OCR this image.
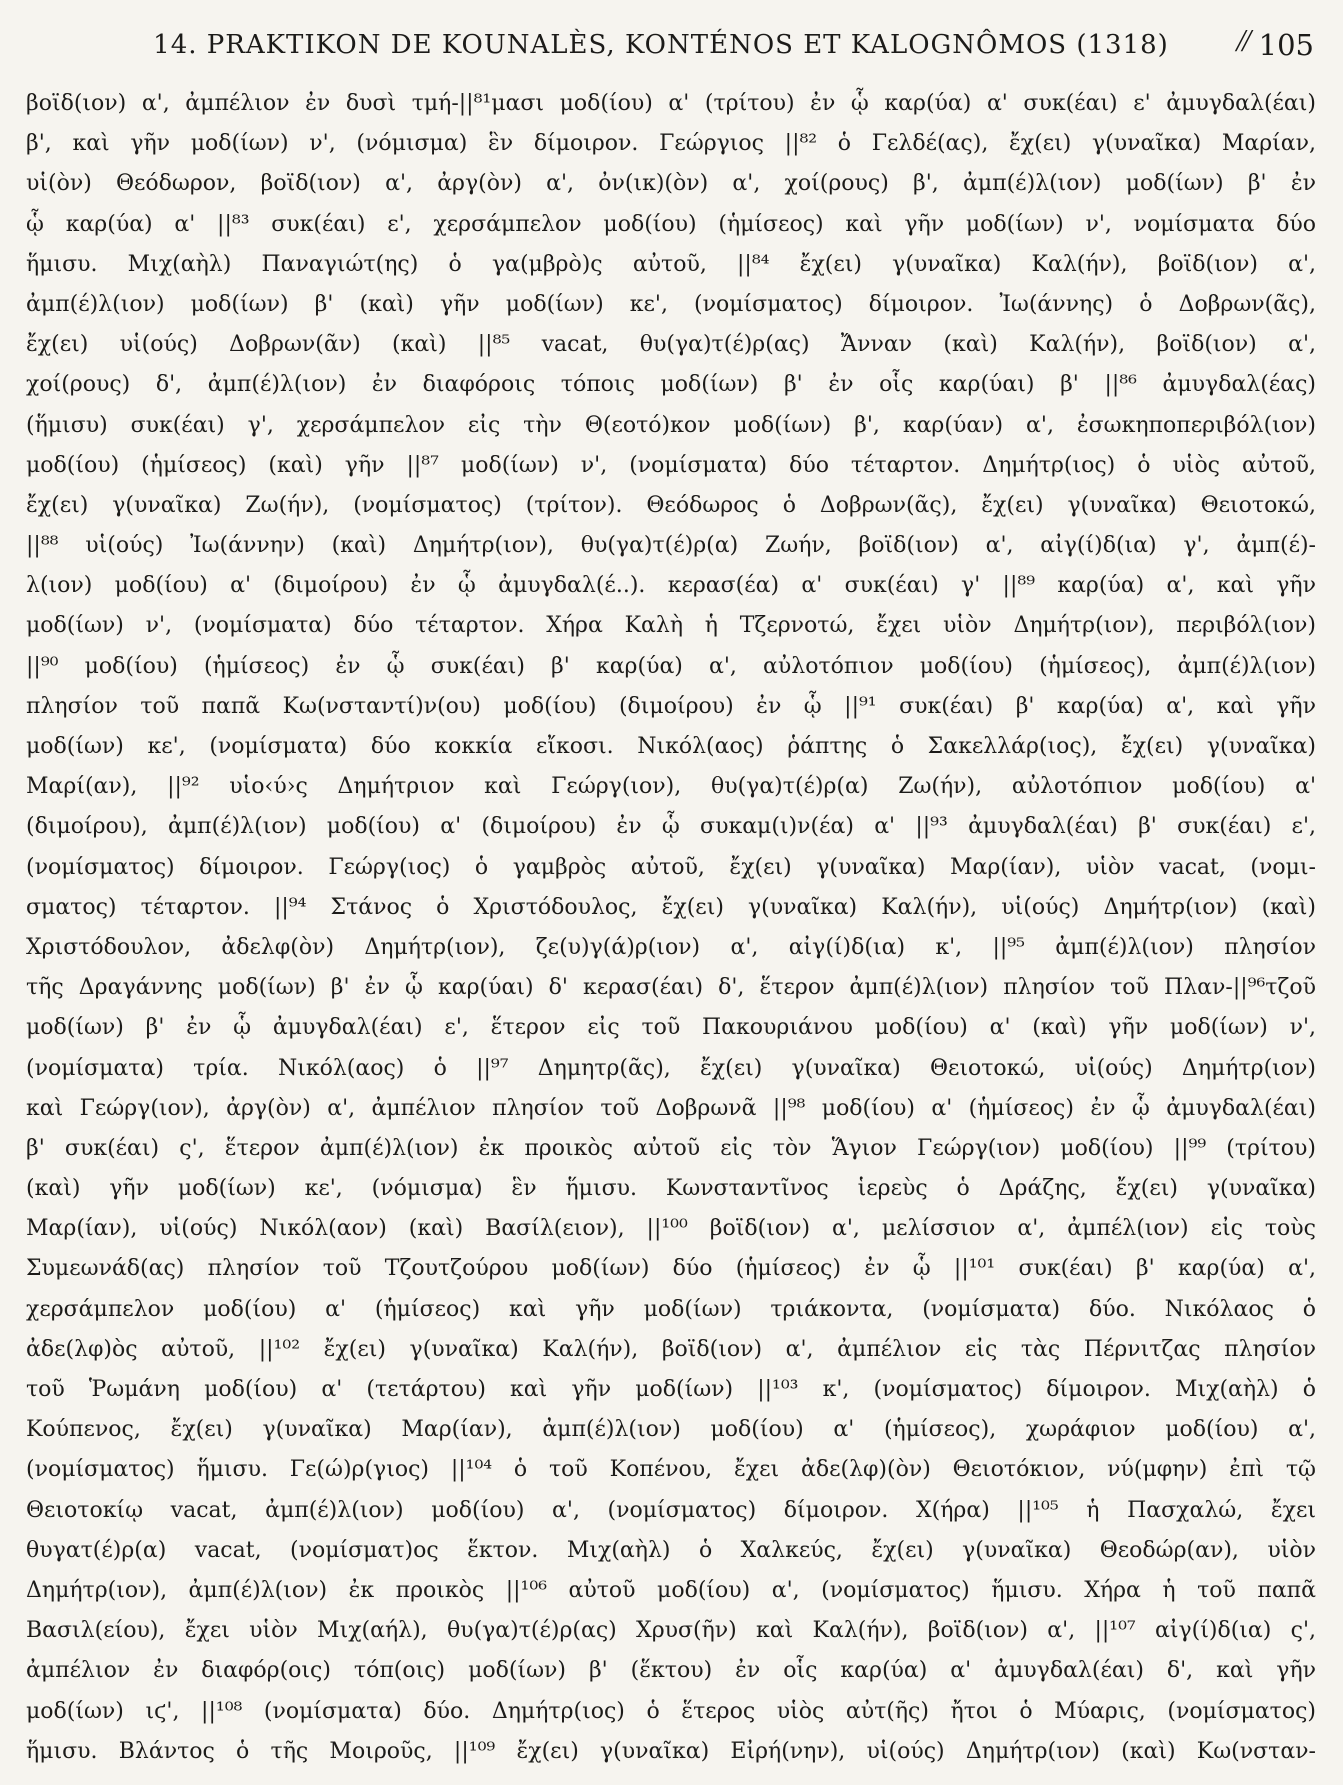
14. PRAKTIKON DE KOUNALÈS, KONTÉNOS ET KALOGNÔMOS (1318)	// 105
βοϊδ(ιον) α', ἀμπέλιον ἐν δυσὶ τμή-||⁸¹μασι μοδ(ίου) α' (τρίτου) ἐν ᾧ καρ(ύα) α' συκ(έαι) ε' ἀμυγδαλ(έαι)
β', καὶ γῆν μοδ(ίων) ν', (νόμισμα) ἓν δίμοιρον. Γεώργιος ||⁸² ὁ Γελδέ(ας), ἔχ(ει) γ(υναῖκα) Μαρίαν,
υἱ(ὸν) Θεόδωρον, βοϊδ(ιον) α', ἀργ(ὸν) α', ὀν(ικ)(ὸν) α', χοί(ρους) β', ἀμπ(έ)λ(ιον) μοδ(ίων) β' ἐν
ᾧ καρ(ύα) α' ||⁸³ συκ(έαι) ε', χερσάμπελον μοδ(ίου) (ἡμίσεος) καὶ γῆν μοδ(ίων) ν', νομίσματα δύο
ἥμισυ. Μιχ(αὴλ) Παναγιώτ(ης) ὁ γα(μβρὸ)ς αὐτοῦ, ||⁸⁴ ἔχ(ει) γ(υναῖκα) Καλ(ήν), βοϊδ(ιον) α',
ἀμπ(έ)λ(ιον) μοδ(ίων) β' (καὶ) γῆν μοδ(ίων) κε', (νομίσματος) δίμοιρον. Ἰω(άννης) ὁ Δοβρων(ᾶς),
ἔχ(ει) υἱ(ούς) Δοβρων(ᾶν) (καὶ) ||⁸⁵ vacat, θυ(γα)τ(έ)ρ(ας) Ἄνναν (καὶ) Καλ(ήν), βοϊδ(ιον) α',
χοί(ρους) δ', ἀμπ(έ)λ(ιον) ἐν διαφόροις τόποις μοδ(ίων) β' ἐν οἷς καρ(ύαι) β' ||⁸⁶ ἀμυγδαλ(έας)
(ἥμισυ) συκ(έαι) γ', χερσάμπελον εἰς τὴν Θ(εοτό)κον μοδ(ίων) β', καρ(ύαν) α', ἐσωκηποπεριβόλ(ιον)
μοδ(ίου) (ἡμίσεος) (καὶ) γῆν ||⁸⁷ μοδ(ίων) ν', (νομίσματα) δύο τέταρτον. Δημήτρ(ιος) ὁ υἱὸς αὐτοῦ,
ἔχ(ει) γ(υναῖκα) Ζω(ήν), (νομίσματος) (τρίτον). Θεόδωρος ὁ Δοβρων(ᾶς), ἔχ(ει) γ(υναῖκα) Θειοτοκώ,
||⁸⁸ υἱ(ούς) Ἰω(άννην) (καὶ) Δημήτρ(ιον), θυ(γα)τ(έ)ρ(α) Ζωήν, βοϊδ(ιον) α', αἰγ(ί)δ(ια) γ', ἀμπ(έ)-
λ(ιον) μοδ(ίου) α' (διμοίρου) ἐν ᾧ ἀμυγδαλ(έ..). κερασ(έα) α' συκ(έαι) γ' ||⁸⁹ καρ(ύα) α', καὶ γῆν
μοδ(ίων) ν', (νομίσματα) δύο τέταρτον. Χήρα Καλὴ ἡ Τζερνοτώ, ἔχει υἱὸν Δημήτρ(ιον), περιβόλ(ιον)
||⁹⁰ μοδ(ίου) (ἡμίσεος) ἐν ᾧ συκ(έαι) β' καρ(ύα) α', αὐλοτόπιον μοδ(ίου) (ἡμίσεος), ἀμπ(έ)λ(ιον)
πλησίον τοῦ παπᾶ Κω(νσταντί)ν(ου) μοδ(ίου) (διμοίρου) ἐν ᾧ ||⁹¹ συκ(έαι) β' καρ(ύα) α', καὶ γῆν
μοδ(ίων) κε', (νομίσματα) δύο κοκκία εἴκοσι. Νικόλ(αος) ῥάπτης ὁ Σακελλάρ(ιος), ἔχ(ει) γ(υναῖκα)
Μαρί(αν), ||⁹² υἱο‹ύ›ς Δημήτριον καὶ Γεώργ(ιον), θυ(γα)τ(έ)ρ(α) Ζω(ήν), αὐλοτόπιον μοδ(ίου) α'
(διμοίρου), ἀμπ(έ)λ(ιον) μοδ(ίου) α' (διμοίρου) ἐν ᾧ συκαμ(ι)ν(έα) α' ||⁹³ ἀμυγδαλ(έαι) β' συκ(έαι) ε',
(νομίσματος) δίμοιρον. Γεώργ(ιος) ὁ γαμβρὸς αὐτοῦ, ἔχ(ει) γ(υναῖκα) Μαρ(ίαν), υἱὸν vacat, (νομι-
σματος) τέταρτον. ||⁹⁴ Στάνος ὁ Χριστόδουλος, ἔχ(ει) γ(υναῖκα) Καλ(ήν), υἱ(ούς) Δημήτρ(ιον) (καὶ)
Χριστόδουλον, ἀδελφ(ὸν) Δημήτρ(ιον), ζε(υ)γ(ά)ρ(ιον) α', αἰγ(ί)δ(ια) κ', ||⁹⁵ ἀμπ(έ)λ(ιον) πλησίον
τῆς Δραγάννης μοδ(ίων) β' ἐν ᾧ καρ(ύαι) δ' κερασ(έαι) δ', ἕτερον ἀμπ(έ)λ(ιον) πλησίον τοῦ Πλαν-||⁹⁶τζοῦ
μοδ(ίων) β' ἐν ᾧ ἀμυγδαλ(έαι) ε', ἕτερον εἰς τοῦ Πακουριάνου μοδ(ίου) α' (καὶ) γῆν μοδ(ίων) ν',
(νομίσματα) τρία. Νικόλ(αος) ὁ ||⁹⁷ Δημητρ(ᾶς), ἔχ(ει) γ(υναῖκα) Θειοτοκώ, υἱ(ούς) Δημήτρ(ιον)
καὶ Γεώργ(ιον), ἀργ(ὸν) α', ἀμπέλιον πλησίον τοῦ Δοβρωνᾶ ||⁹⁸ μοδ(ίου) α' (ἡμίσεος) ἐν ᾧ ἀμυγδαλ(έαι)
β' συκ(έαι) ς', ἕτερον ἀμπ(έ)λ(ιον) ἐκ προικὸς αὐτοῦ εἰς τὸν Ἅγιον Γεώργ(ιον) μοδ(ίου) ||⁹⁹ (τρίτου)
(καὶ) γῆν μοδ(ίων) κε', (νόμισμα) ἓν ἥμισυ. Κωνσταντῖνος ἱερεὺς ὁ Δράζης, ἔχ(ει) γ(υναῖκα)
Μαρ(ίαν), υἱ(ούς) Νικόλ(αον) (καὶ) Βασίλ(ειον), ||¹⁰⁰ βοϊδ(ιον) α', μελίσσιον α', ἀμπέλ(ιον) εἰς τοὺς
Συμεωνάδ(ας) πλησίον τοῦ Τζουτζούρου μοδ(ίων) δύο (ἡμίσεος) ἐν ᾧ ||¹⁰¹ συκ(έαι) β' καρ(ύα) α',
χερσάμπελον μοδ(ίου) α' (ἡμίσεος) καὶ γῆν μοδ(ίων) τριάκοντα, (νομίσματα) δύο. Νικόλαος ὁ
ἀδε(λφ)ὸς αὐτοῦ, ||¹⁰² ἔχ(ει) γ(υναῖκα) Καλ(ήν), βοϊδ(ιον) α', ἀμπέλιον εἰς τὰς Πέρνιτζας πλησίον
τοῦ Ῥωμάνη μοδ(ίου) α' (τετάρτου) καὶ γῆν μοδ(ίων) ||¹⁰³ κ', (νομίσματος) δίμοιρον. Μιχ(αὴλ) ὁ
Κούπενος, ἔχ(ει) γ(υναῖκα) Μαρ(ίαν), ἀμπ(έ)λ(ιον) μοδ(ίου) α' (ἡμίσεος), χωράφιον μοδ(ίου) α',
(νομίσματος) ἥμισυ. Γε(ώ)ρ(γιος) ||¹⁰⁴ ὁ τοῦ Κοπένου, ἔχει ἀδε(λφ)(ὸν) Θειοτόκιον, νύ(μφην) ἐπὶ τῷ
Θειοτοκίῳ vacat, ἀμπ(έ)λ(ιον) μοδ(ίου) α', (νομίσματος) δίμοιρον. Χ(ήρα) ||¹⁰⁵ ἡ Πασχαλώ, ἔχει
θυγατ(έ)ρ(α) vacat, (νομίσματ)ος ἕκτον. Μιχ(αὴλ) ὁ Χαλκεύς, ἔχ(ει) γ(υναῖκα) Θεοδώρ(αν), υἱὸν
Δημήτρ(ιον), ἀμπ(έ)λ(ιον) ἐκ προικὸς ||¹⁰⁶ αὐτοῦ μοδ(ίου) α', (νομίσματος) ἥμισυ. Χήρα ἡ τοῦ παπᾶ
Βασιλ(είου), ἔχει υἱὸν Μιχ(αήλ), θυ(γα)τ(έ)ρ(ας) Χρυσ(ῆν) καὶ Καλ(ήν), βοϊδ(ιον) α', ||¹⁰⁷ αἰγ(ί)δ(ια) ς',
ἀμπέλιον ἐν διαφόρ(οις) τόπ(οις) μοδ(ίων) β' (ἕκτου) ἐν οἷς καρ(ύα) α' ἀμυγδαλ(έαι) δ', καὶ γῆν
μοδ(ίων) ιϛ', ||¹⁰⁸ (νομίσματα) δύο. Δημήτρ(ιος) ὁ ἕτερος υἱὸς αὐτ(ῆς) ἤτοι ὁ Μύαρις, (νομίσματος)
ἥμισυ. Βλάντος ὁ τῆς Μοιροῦς, ||¹⁰⁹ ἔχ(ει) γ(υναῖκα) Εἰρή(νην), υἱ(ούς) Δημήτρ(ιον) (καὶ) Κω(νσταν-
